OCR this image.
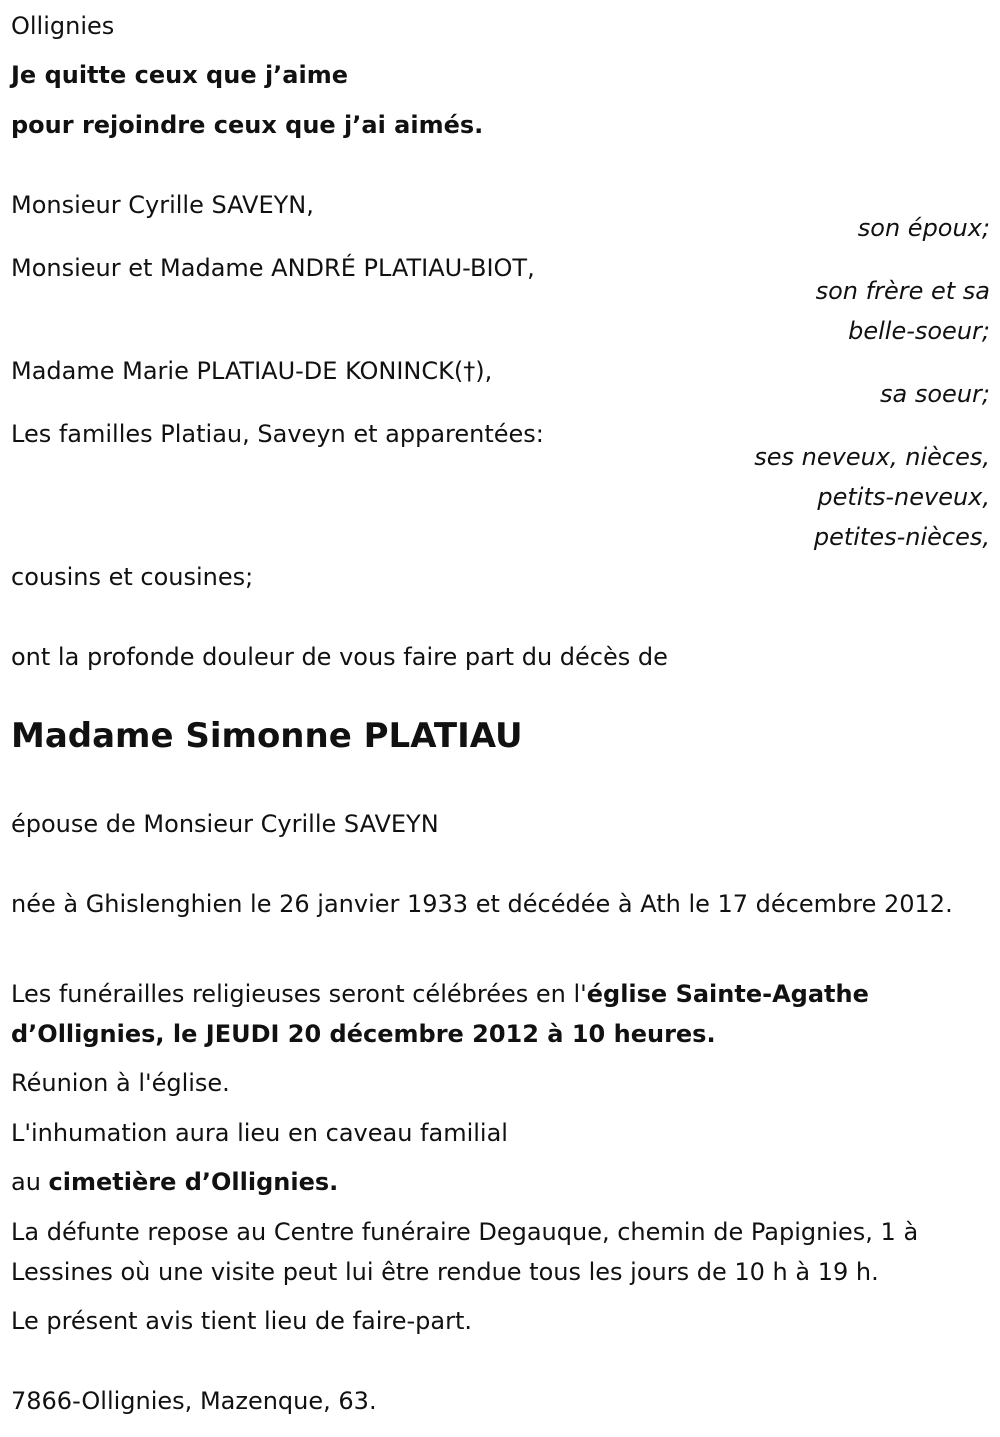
Ollignies

Je quitte ceux que j’aime

pour rejoindre ceux que j’ai aimés.

Monsieur Cyrille SAVEYN,

son époux;

Monsieur et Madame ANDRÉ PLATIAU-BIOT,

son frère et sa

belle-soeur;

Madame Marie PLATIAU-DE KONINCK(†),

sa soeur;

Les familles Platiau, Saveyn et apparentées:

ses neveux, nièces,

petits-neveux,

petites-nièces,

cousins et cousines;

ont la profonde douleur de vous faire part du décès de

Madame Simonne PLATIAU

épouse de Monsieur Cyrille SAVEYN

née à Ghislenghien le 26 janvier 1933 et décédée à Ath le 17 décembre 2012.

Les funérailles religieuses seront célébrées en l'église Sainte-Agathe d’Ollignies, le JEUDI 20 décembre 2012 à 10 heures.

Réunion à l'église.

L'inhumation aura lieu en caveau familial

au cimetière d’Ollignies.

La défunte repose au Centre funéraire Degauque, chemin de Papignies, 1 à Lessines où une visite peut lui être rendue tous les jours de 10 h à 19 h.

Le présent avis tient lieu de faire-part.

7866-Ollignies, Mazenque, 63.
